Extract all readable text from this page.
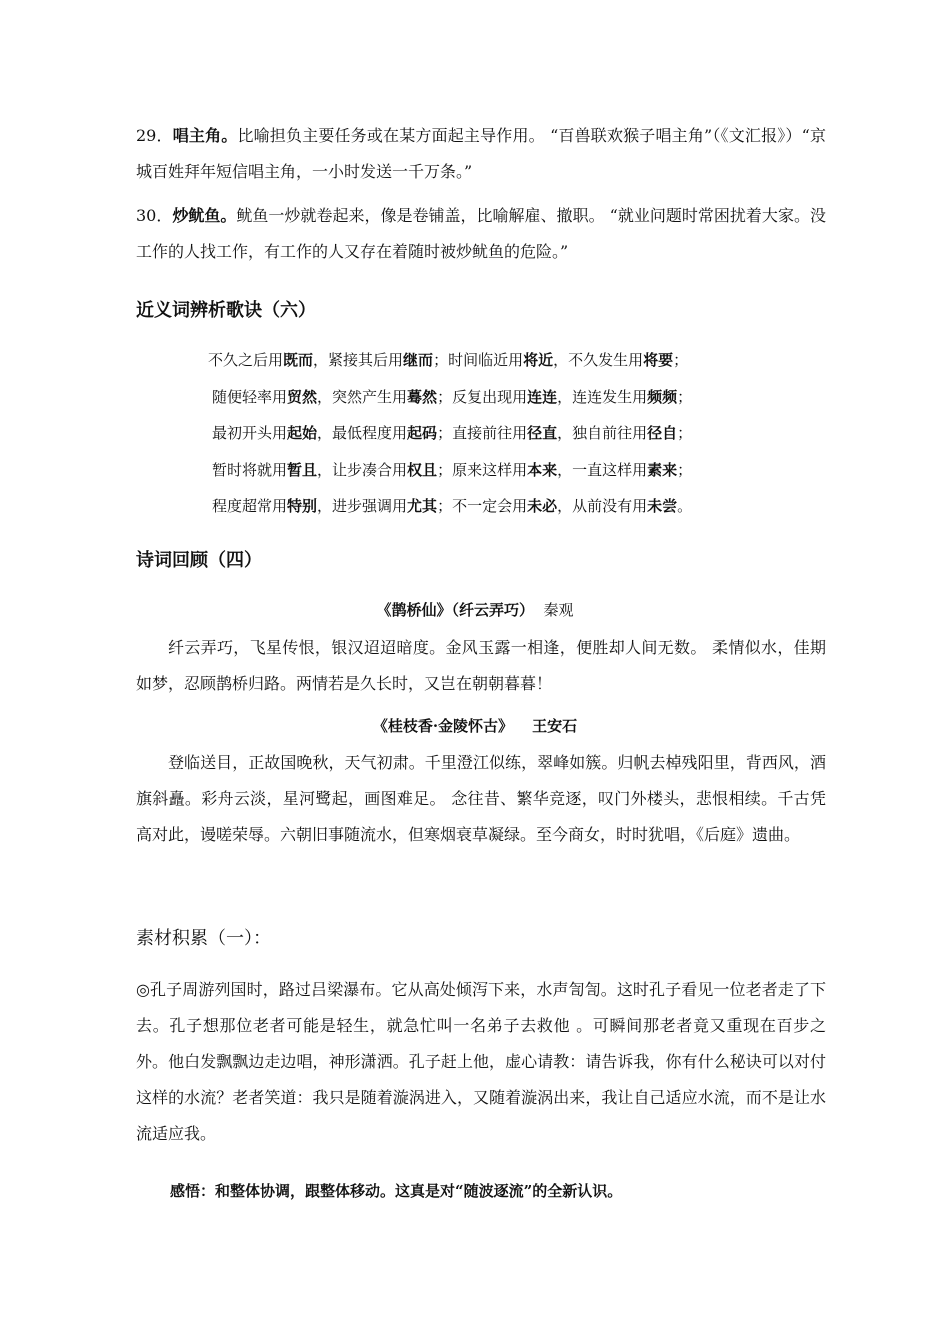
29．唱主角。比喻担负主要任务或在某方面起主导作用。 “百兽联欢猴子唱主角”（《文汇报》）“京城百姓拜年短信唱主角，一小时发送一千万条。”

30．炒鱿鱼。鱿鱼一炒就卷起来，像是卷铺盖，比喻解雇、撤职。 “就业问题时常困扰着大家。没工作的人找工作，有工作的人又存在着随时被炒鱿鱼的危险。”

近义词辨析歌诀（六）

不久之后用既而，紧接其后用继而；时间临近用将近，不久发生用将要；

随便轻率用贸然，突然产生用蓦然；反复出现用连连，连连发生用频频；

最初开头用起始，最低程度用起码；直接前往用径直，独自前往用径自；

暂时将就用暂且，让步凑合用权且；原来这样用本来，一直这样用素来；

程度超常用特别，进步强调用尤其；不一定会用未必，从前没有用未尝。

诗词回顾（四）

《鹊桥仙》（纤云弄巧） 秦观

纤云弄巧，飞星传恨，银汉迢迢暗度。金风玉露一相逢，便胜却人间无数。 柔情似水，佳期如梦，忍顾鹊桥归路。两情若是久长时，又岂在朝朝暮暮！

《桂枝香·金陵怀古》 王安石

登临送目，正故国晚秋，天气初肃。千里澄江似练，翠峰如簇。归帆去棹残阳里，背西风，酒旗斜矗。彩舟云淡，星河鹭起，画图难足。 念往昔、繁华竞逐，叹门外楼头，悲恨相续。千古凭高对此，谩嗟荣辱。六朝旧事随流水，但寒烟衰草凝绿。至今商女，时时犹唱，《后庭》遗曲。

素材积累（一）：

◎孔子周游列国时，路过吕梁瀑布。它从高处倾泻下来，水声訇訇。这时孔子看见一位老者走了下去。孔子想那位老者可能是轻生，就急忙叫一名弟子去救他 。可瞬间那老者竟又重现在百步之外。他白发飘飘边走边唱，神形潇洒。孔子赶上他，虚心请教：请告诉我，你有什么秘诀可以对付这样的水流？老者笑道：我只是随着漩涡进入，又随着漩涡出来，我让自己适应水流，而不是让水流适应我。

感悟：和整体协调，跟整体移动。这真是对“随波逐流”的全新认识。
